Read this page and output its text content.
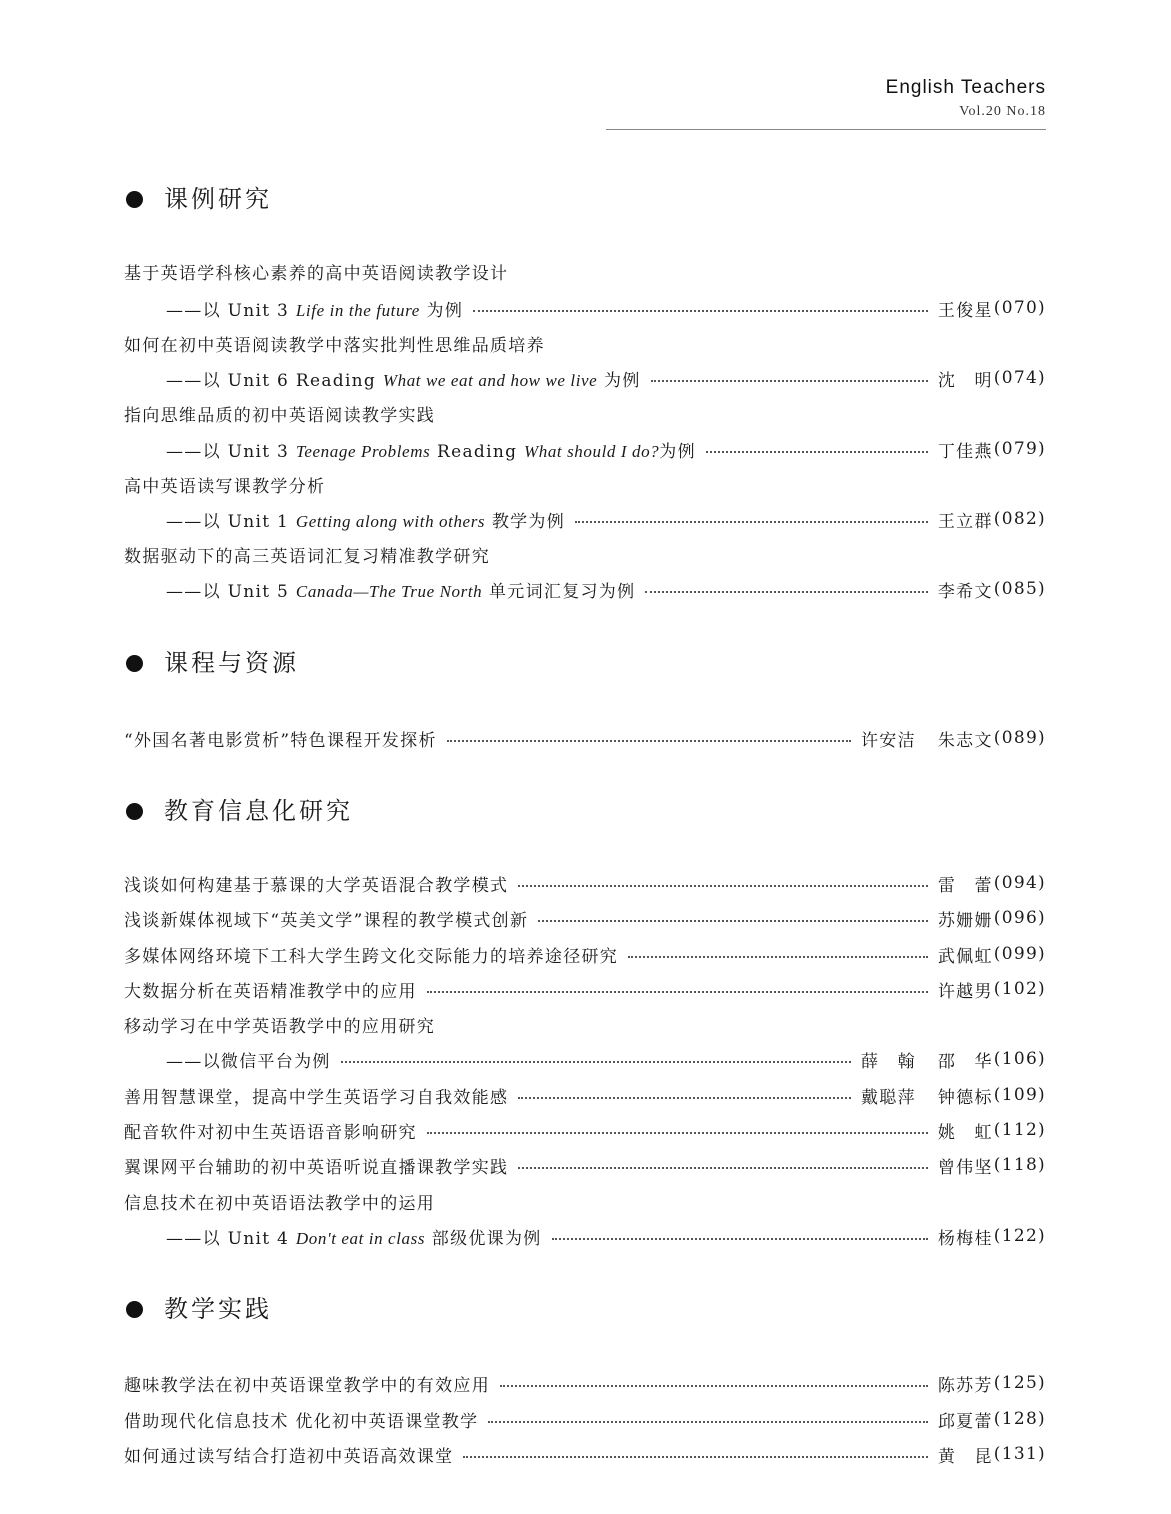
English Teachers
Vol.20 No.18
课例研究
基于英语学科核心素养的高中英语阅读教学设计
——以 Unit 3 Life in the future 为例	王俊星 (070)
如何在初中英语阅读教学中落实批判性思维品质培养
——以 Unit 6 Reading What we eat and how we live 为例	沈　明 (074)
指向思维品质的初中英语阅读教学实践
——以 Unit 3 Teenage Problems Reading What should I do?为例	丁佳燕 (079)
高中英语读写课教学分析
——以 Unit 1 Getting along with others 教学为例	王立群 (082)
数据驱动下的高三英语词汇复习精准教学研究
——以 Unit 5 Canada—The True North 单元词汇复习为例	李希文 (085)
课程与资源
“外国名著电影赏析”特色课程开发探析	许安洁 朱志文 (089)
教育信息化研究
浅谈如何构建基于慕课的大学英语混合教学模式	雷　蕾 (094)
浅谈新媒体视域下“英美文学”课程的教学模式创新	苏姗姗 (096)
多媒体网络环境下工科大学生跨文化交际能力的培养途径研究	武佩虹 (099)
大数据分析在英语精准教学中的应用	许越男 (102)
移动学习在中学英语教学中的应用研究
——以微信平台为例	薛　翰 邵　华 (106)
善用智慧课堂，提高中学生英语学习自我效能感	戴聪萍 钟德标 (109)
配音软件对初中生英语语音影响研究	姚　虹 (112)
翼课网平台辅助的初中英语听说直播课教学实践	曾伟坚 (118)
信息技术在初中英语语法教学中的运用
——以 Unit 4 Don't eat in class 部级优课为例	杨梅桂 (122)
教学实践
趣味教学法在初中英语课堂教学中的有效应用	陈苏芳 (125)
借助现代化信息技术 优化初中英语课堂教学	邱夏蕾 (128)
如何通过读写结合打造初中英语高效课堂	黄　昆 (131)
